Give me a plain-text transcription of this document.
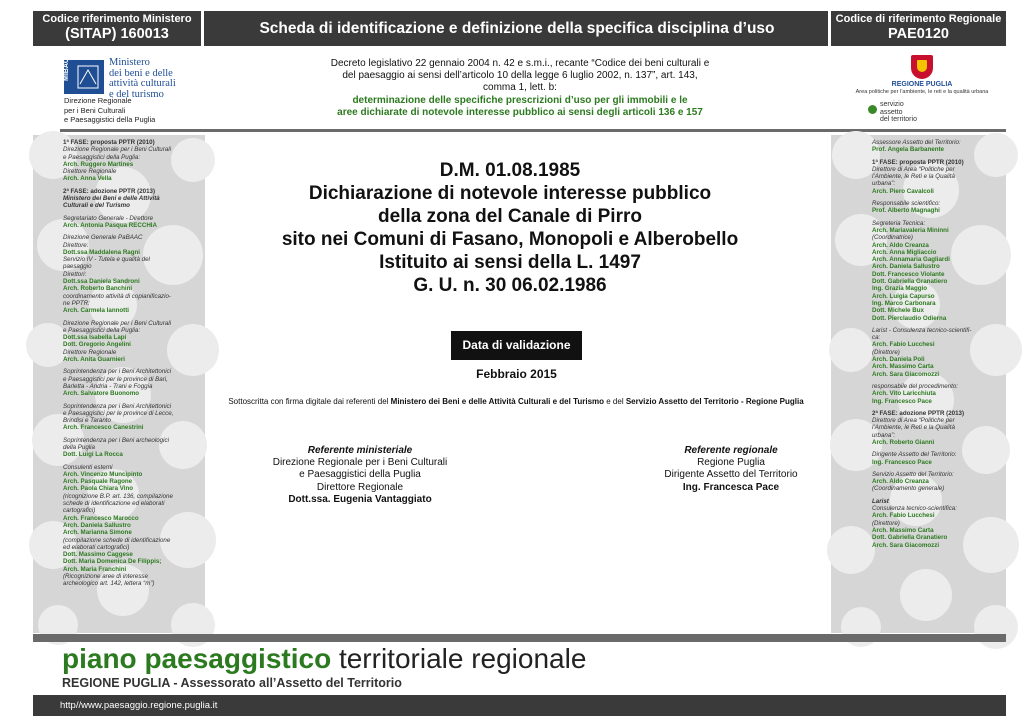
Codice riferimento Ministero
(SITAP) 160013	Scheda di identificazione e definizione della specifica disciplina d’uso
Codice di riferimento Regionale
PAE0120
MiBAC	Ministero
dei beni e delle
attività culturali
e del turismo
Direzione Regionale
per i Beni Culturali
e Paesaggistici della Puglia
Decreto legislativo 22 gennaio 2004 n. 42 e s.m.i., recante “Codice dei beni culturali e
del paesaggio ai sensi dell’articolo 10 della legge 6 luglio 2002, n. 137”, art. 143,
comma 1, lett. b:
determinazione delle specifiche prescrizioni d’uso per gli immobili e le
aree dichiarate di notevole interesse pubblico ai sensi degli articoli 136 e 157
REGIONE PUGLIA
Area politiche per l’ambiente, le reti e la qualità urbana
servizio
assetto
del territorio
1ª FASE: proposta PPTR (2010)
Direzione Regionale per i Beni Culturali
e Paesaggistici della Puglia:
Arch. Ruggero Martines
Direttore Regionale
Arch. Anna Vella
2ª FASE: adozione PPTR (2013)
Ministero dei Beni e delle Attività
Culturali e del Turismo
Segretariato Generale - Direttore
Arch. Antonia Pasqua RECCHIA
Direzione Generale PaBAAC
Direttore:
Dott.ssa Maddalena Ragni
Servizio IV - Tutela e qualità del
paesaggio
Direttori:
Dott.ssa Daniela Sandroni
Arch. Roberto Banchini
coordinamento attività di copianificazio-
ne PPTR:
Arch. Carmela Iannotti
Direzione Regionale per i Beni Culturali
e Paesaggistici della Puglia:
Dott.ssa Isabella Lapi
Dott. Gregorio Angelini
Direttore Regionale
Arch. Anita Guarnieri
Soprintendenza per i Beni Architettonici
e Paesaggistici per le province di Bari,
Barletta - Andria - Trani e Foggia
Arch. Salvatore Buonomo
Soprintendenza per i Beni Architettonici
e Paesaggistici per le province di Lecce,
Brindisi e Taranto
Arch. Francesco Canestrini
Soprintendenza per i Beni archeologici
della Puglia
Dott. Luigi La Rocca
Consulenti esterni
Arch. Vincenzo Muncipinto
Arch. Pasquale Ragone
Arch. Paola Chiara Vino
(ricognizione B.P. art. 136, compilazione
schede di identificazione ed elaborati
cartografici)
Arch. Francesco Marocco
Arch. Daniela Sallustro
Arch. Marianna Simone
(compilazione schede di identificazione
ed elaborati cartografici)
Dott. Massimo Caggese
Dott. Maria Domenica De Filippis;
Arch. Maria Franchini
(Ricognizione aree di interesse
archeologico art. 142, lettera “m”)
Assessore Assetto del Territorio:
Prof. Angela Barbanente
1ª FASE: proposta PPTR (2010)
Direttore di Area “Politiche per
l’Ambiente, le Reti e la Qualità
urbana”:
Arch. Piero Cavalcoli
Responsabile scientifico:
Prof. Alberto Magnaghi
Segreteria Tecnica:
Arch. Mariavaleria Mininni
(Coordinatrice)
Arch. Aldo Creanza
Arch. Anna Migliaccio
Arch. Annamaria Gagliardi
Arch. Daniela Sallustro
Dott. Francesco Violante
Dott. Gabriella Granatiero
Ing. Grazia Maggio
Arch. Luigia Capurso
Ing. Marco Carbonara
Dott. Michele Bux
Dott. Pierclaudio Odierna
Larist - Consulenza tecnico-scientifi-
ca:
Arch. Fabio Lucchesi
(Direttore)
Arch. Daniela Poli
Arch. Massimo Carta
Arch. Sara Giacomozzi
responsabile del procedimento:
Arch. Vito Laricchiuta
Ing. Francesco Pace
2ª FASE: adozione PPTR (2013)
Direttore di Area “Politiche per
l’Ambiente, le Reti e la Qualità
urbana”:
Arch. Roberto Giannì
Dirigente Assetto del Territorio:
Ing. Francesco Pace
Servizio Assetto del Territorio:
Arch. Aldo Creanza
(Coordinamento generale)
Larist
Consulenza tecnico-scientifica:
Arch. Fabio Lucchesi
(Direttore)
Arch. Massimo Carta
Dott. Gabriella Granatiero
Arch. Sara Giacomozzi
D.M. 01.08.1985
Dichiarazione di notevole interesse pubblico
della zona del Canale di Pirro
sito nei Comuni di Fasano, Monopoli e Alberobello
Istituito ai sensi della L. 1497
G. U. n. 30 06.02.1986
Data di validazione
Febbraio 2015
Sottoscritta con firma digitale dai referenti del Ministero dei Beni e delle Attività Culturali e del Turismo e del Servizio Assetto del Territorio - Regione Puglia
Referente ministeriale
Direzione Regionale per i Beni Culturali
e Paesaggistici della Puglia
Direttore Regionale
Dott.ssa. Eugenia Vantaggiato
Referente regionale
Regione Puglia
Dirigente Assetto del Territorio
Ing. Francesca Pace
piano paesaggistico territoriale regionale
REGIONE PUGLIA - Assessorato all’Assetto del Territorio
http//www.paesaggio.regione.puglia.it
